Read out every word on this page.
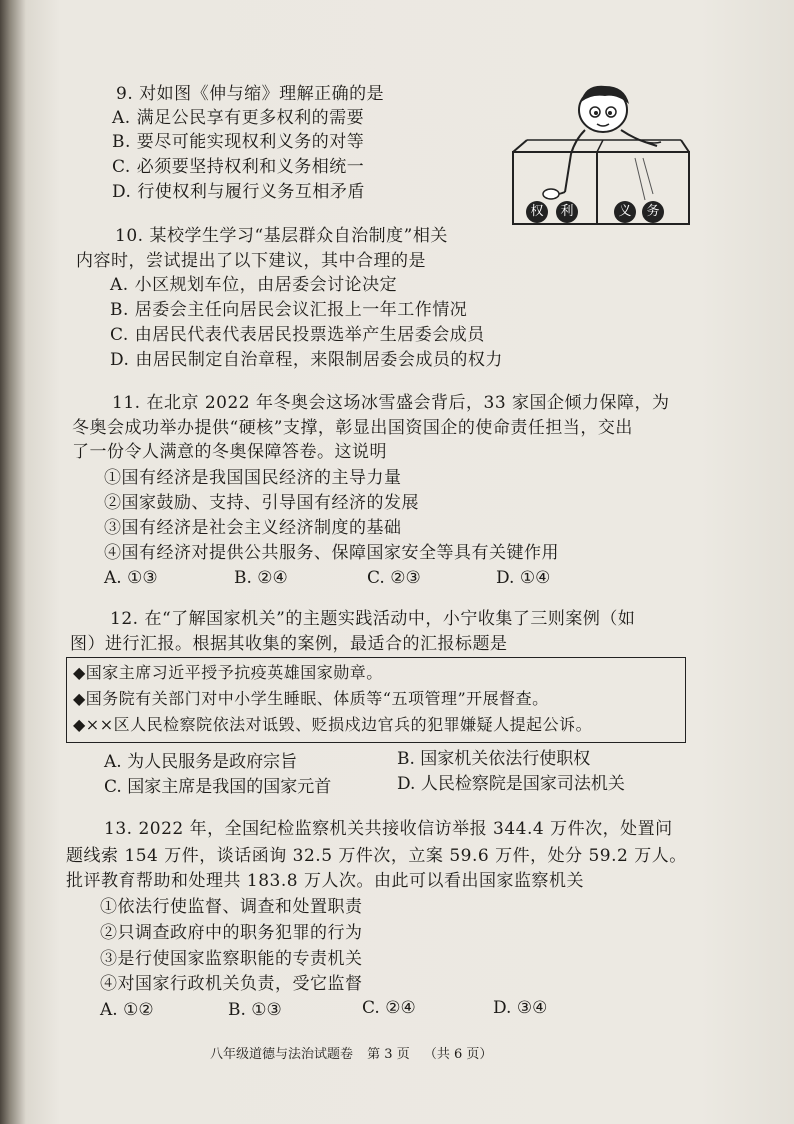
9. 对如图《伸与缩》理解正确的是
A. 满足公民享有更多权利的需要
B. 要尽可能实现权利义务的对等
C. 必须要坚持权利和义务相统一
D. 行使权利与履行义务互相矛盾
权	利	义	务
10. 某校学生学习“基层群众自治制度”相关
内容时，尝试提出了以下建议，其中合理的是
A. 小区规划车位，由居委会讨论决定
B. 居委会主任向居民会议汇报上一年工作情况
C. 由居民代表代表居民投票选举产生居委会成员
D. 由居民制定自治章程，来限制居委会成员的权力
11. 在北京 2022 年冬奥会这场冰雪盛会背后，33 家国企倾力保障，为
冬奥会成功举办提供“硬核”支撑，彰显出国资国企的使命责任担当，交出
了一份令人满意的冬奥保障答卷。这说明
①国有经济是我国国民经济的主导力量
②国家鼓励、支持、引导国有经济的发展
③国有经济是社会主义经济制度的基础
④国有经济对提供公共服务、保障国家安全等具有关键作用
A. ①③	B. ②④	C. ②③	D. ①④
12. 在“了解国家机关”的主题实践活动中，小宁收集了三则案例（如
图）进行汇报。根据其收集的案例，最适合的汇报标题是
◆国家主席习近平授予抗疫英雄国家勋章。
◆国务院有关部门对中小学生睡眠、体质等“五项管理”开展督查。
◆××区人民检察院依法对诋毁、贬损戍边官兵的犯罪嫌疑人提起公诉。
A. 为人民服务是政府宗旨	B. 国家机关依法行使职权
C. 国家主席是我国的国家元首	D. 人民检察院是国家司法机关
13. 2022 年，全国纪检监察机关共接收信访举报 344.4 万件次，处置问
题线索 154 万件，谈话函询 32.5 万件次，立案 59.6 万件，处分 59.2 万人。
批评教育帮助和处理共 183.8 万人次。由此可以看出国家监察机关
①依法行使监督、调查和处置职责
②只调查政府中的职务犯罪的行为
③是行使国家监察职能的专责机关
④对国家行政机关负责，受它监督
A. ①②	B. ①③	C. ②④	D. ③④
八年级道德与法治试题卷 第 3 页 （共 6 页）
